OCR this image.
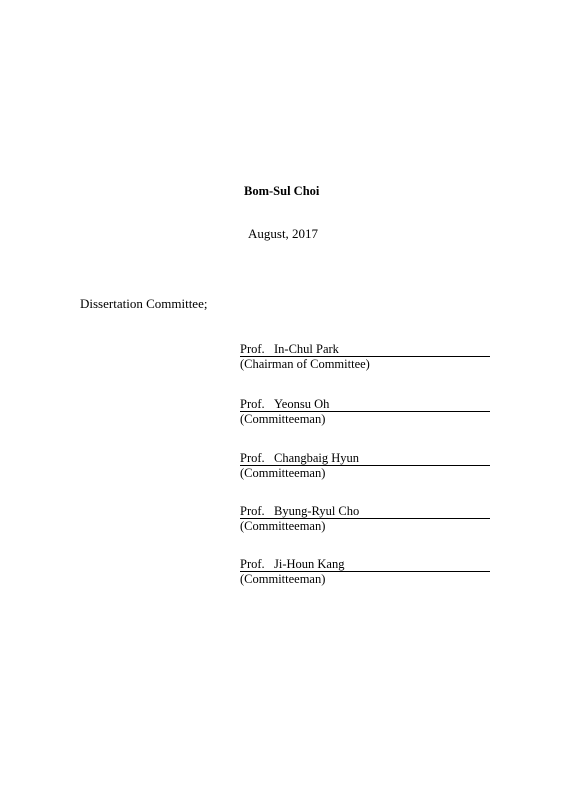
Bom-Sul Choi
August, 2017
Dissertation Committee;
Prof. In-Chul Park
(Chairman of Committee)
Prof. Yeonsu Oh
(Committeeman)
Prof. Changbaig Hyun
(Committeeman)
Prof. Byung-Ryul Cho
(Committeeman)
Prof. Ji-Houn Kang
(Committeeman)
